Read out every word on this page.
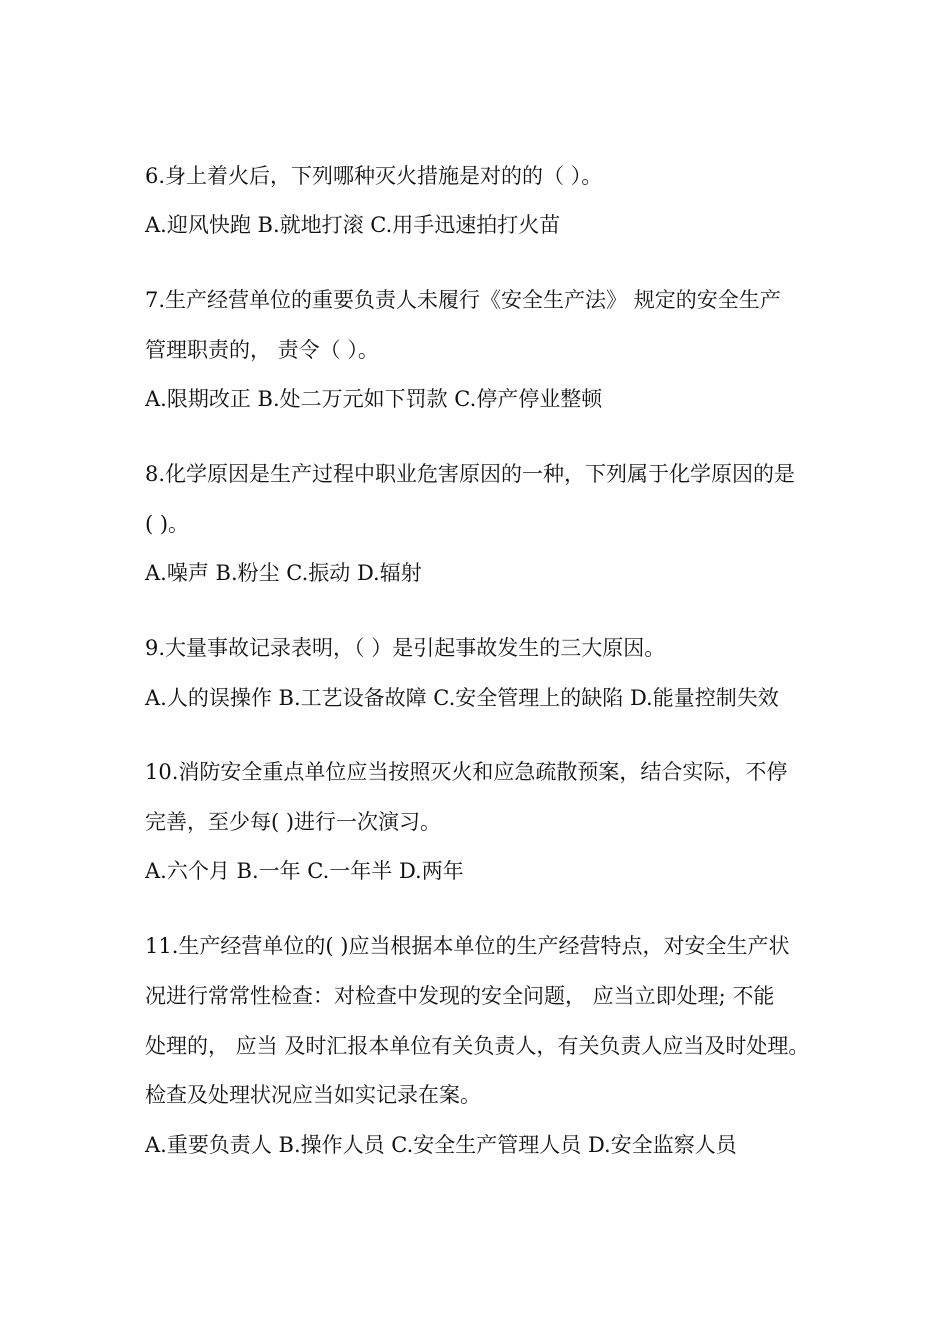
6.身上着火后，下列哪种灭火措施是对的的（ ）。
A.迎风快跑 B.就地打滚 C.用手迅速拍打火苗
7.生产经营单位的重要负责人未履行《安全生产法》 规定的安全生产
管理职责的， 责令（ ）。
A.限期改正 B.处二万元如下罚款 C.停产停业整顿
8.化学原因是生产过程中职业危害原因的一种，下列属于化学原因的是
( )。
A.噪声 B.粉尘 C.振动 D.辐射
9.大量事故记录表明，（ ）是引起事故发生的三大原因。
A.人的误操作 B.工艺设备故障 C.安全管理上的缺陷 D.能量控制失效
10.消防安全重点单位应当按照灭火和应急疏散预案，结合实际，不停
完善，至少每( )进行一次演习。
A.六个月 B.一年 C.一年半 D.两年
11.生产经营单位的( )应当根据本单位的生产经营特点，对安全生产状
况进行常常性检查：对检查中发现的安全问题， 应当立即处理; 不能
处理的， 应当 及时汇报本单位有关负责人，有关负责人应当及时处理。
检查及处理状况应当如实记录在案。
A.重要负责人 B.操作人员 C.安全生产管理人员 D.安全监察人员
